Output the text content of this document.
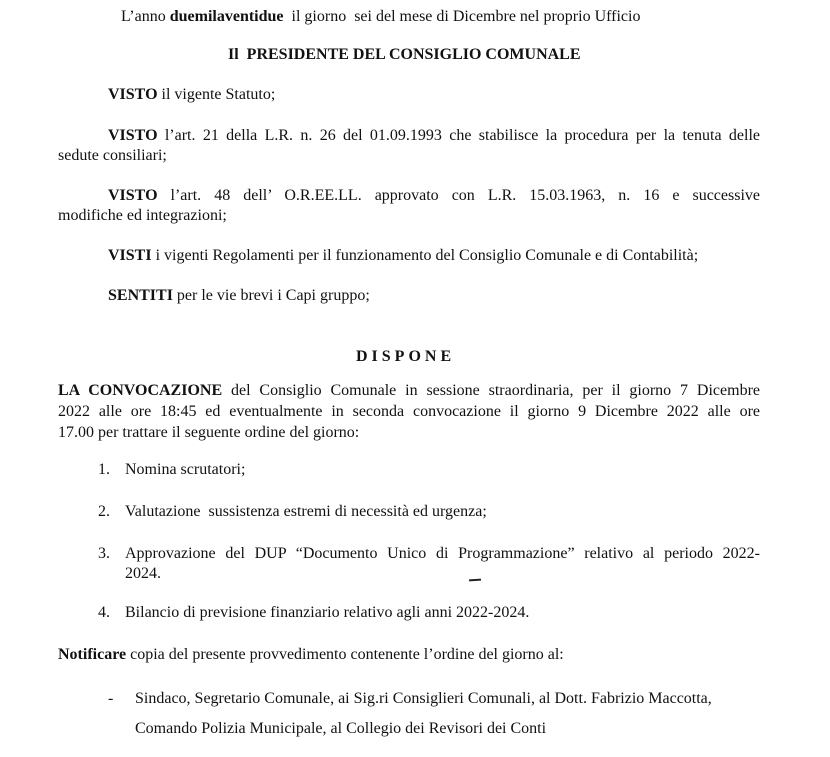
L’anno duemilaventidue  il giorno  sei del mese di Dicembre nel proprio Ufficio
Il  PRESIDENTE DEL CONSIGLIO COMUNALE
VISTO il vigente Statuto;
VISTO l’art. 21 della L.R. n. 26 del 01.09.1993 che stabilisce la procedura per la tenuta delle
sedute consiliari;
VISTO l’art. 48 dell’ O.R.EE.LL. approvato con L.R. 15.03.1963, n. 16 e successive
modifiche ed integrazioni;
VISTI i vigenti Regolamenti per il funzionamento del Consiglio Comunale e di Contabilità;
SENTITI per le vie brevi i Capi gruppo;
DISPONE
LA CONVOCAZIONE del Consiglio Comunale in sessione straordinaria, per il giorno 7 Dicembre
2022 alle ore 18:45 ed eventualmente in seconda convocazione il giorno 9 Dicembre 2022 alle ore
17.00 per trattare il seguente ordine del giorno:
1. Nomina scrutatori;
2. Valutazione  sussistenza estremi di necessità ed urgenza;
3. Approvazione del DUP “Documento Unico di Programmazione” relativo al periodo 2022-
2024.
4. Bilancio di previsione finanziario relativo agli anni 2022-2024.
Notificare copia del presente provvedimento contenente l’ordine del giorno al:
- Sindaco, Segretario Comunale, ai Sig.ri Consiglieri Comunali, al Dott. Fabrizio Maccotta,
Comando Polizia Municipale, al Collegio dei Revisori dei Conti
